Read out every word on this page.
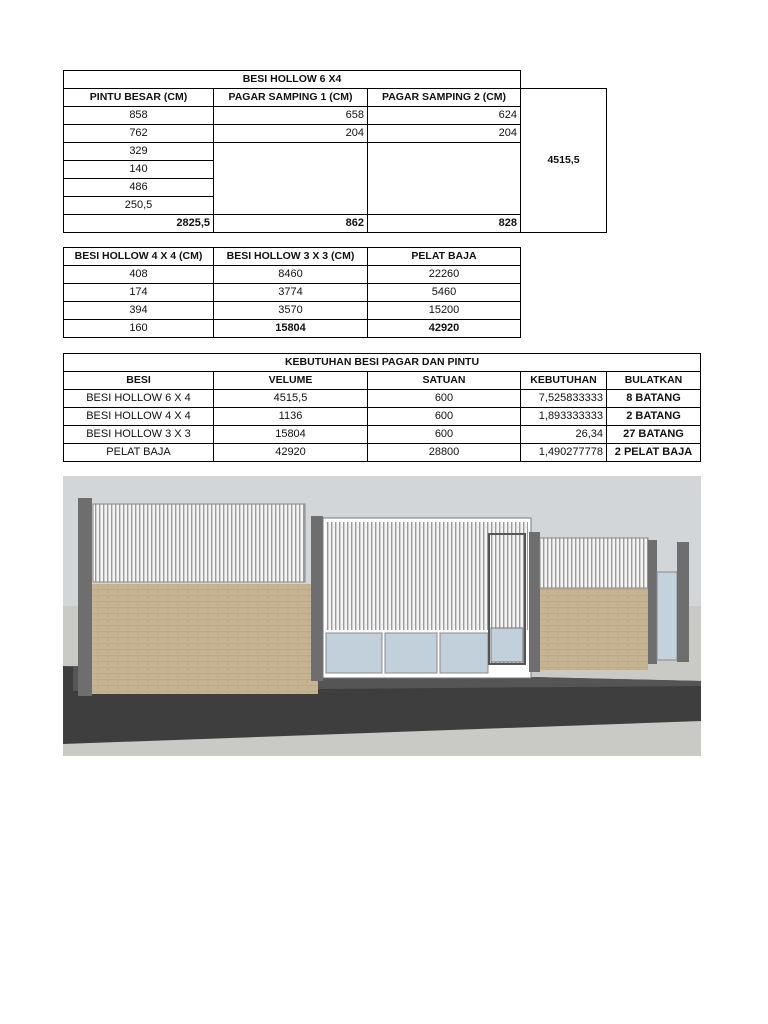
BESI HOLLOW 6 X4			
PINTU BESAR (CM)	PAGAR SAMPING 1 (CM)	PAGAR SAMPING 2 (CM)	4515,5
858	658	624	
762	204	204	
329			
140			
486			
250,5			
2825,5	862	828	
BESI HOLLOW 4 X 4 (CM)	BESI HOLLOW 3 X 3 (CM)	PELAT BAJA
408	8460	22260
174	3774	5460
394	3570	15200
160	15804	42920
KEBUTUHAN BESI PAGAR DAN PINTU				
BESI	VELUME	SATUAN	KEBUTUHAN	BULATKAN
BESI HOLLOW 6 X 4	4515,5	600	7,525833333	8 BATANG
BESI HOLLOW 4 X 4	1136	600	1,893333333	2 BATANG
BESI HOLLOW 3 X 3	15804	600	26,34	27 BATANG
PELAT BAJA	42920	28800	1,490277778	2 PELAT BAJA
